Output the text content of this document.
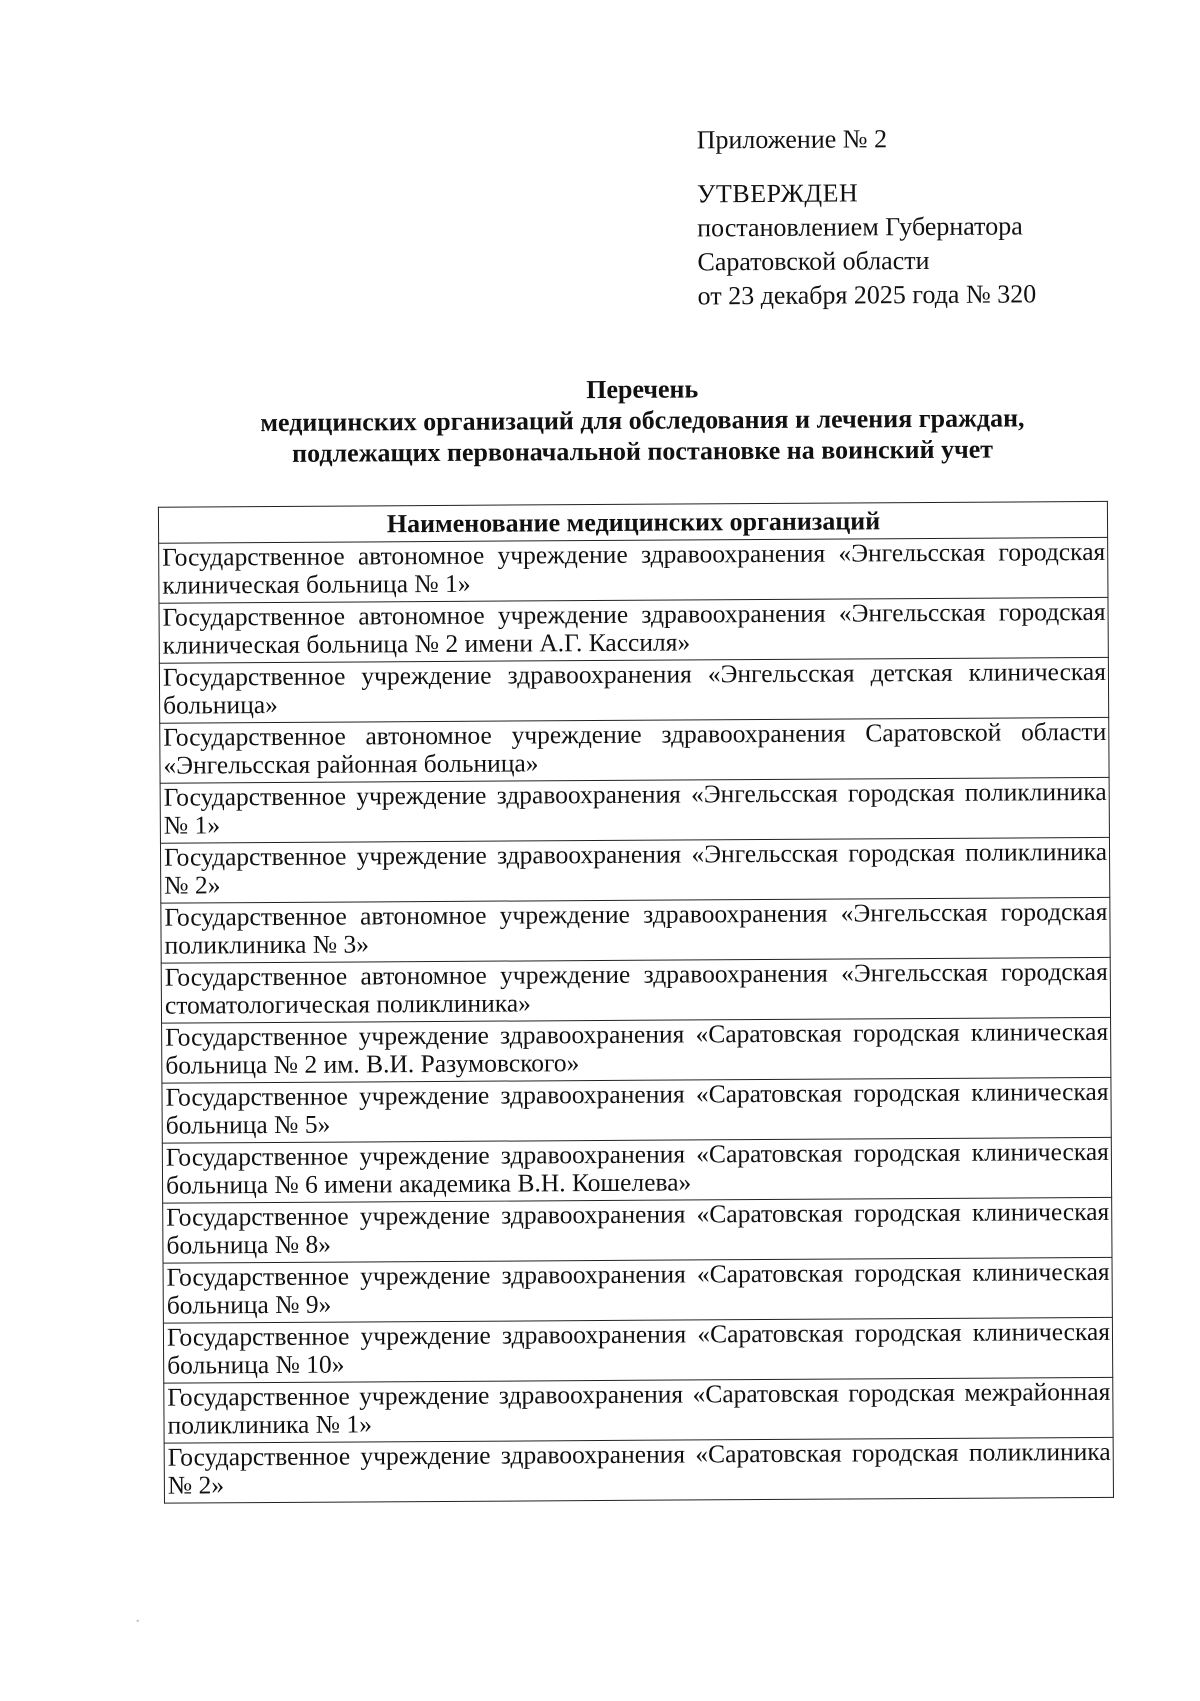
Приложение № 2

УТВЕРЖДЕН

постановлением Губернатора

Саратовской области

от 23 декабря 2025 года № 320

Перечень
медицинских организаций для обследования и лечения граждан,
подлежащих первоначальной постановке на воинский учет
Наименование медицинских организаций
Государственное автономное учреждение здравоохранения «Энгельсская городская клиническая больница № 1»
Государственное автономное учреждение здравоохранения «Энгельсская городская клиническая больница № 2 имени А.Г. Кассиля»
Государственное учреждение здравоохранения «Энгельсская детская клиническая больница»
Государственное автономное учреждение здравоохранения Саратовской области «Энгельсская районная больница»
Государственное учреждение здравоохранения «Энгельсская городская поликлиника № 1»
Государственное учреждение здравоохранения «Энгельсская городская поликлиника № 2»
Государственное автономное учреждение здравоохранения «Энгельсская городская поликлиника № 3»
Государственное автономное учреждение здравоохранения «Энгельсская городская стоматологическая поликлиника»
Государственное учреждение здравоохранения «Саратовская городская клиническая больница № 2 им. В.И. Разумовского»
Государственное учреждение здравоохранения «Саратовская городская клиническая больница № 5»
Государственное учреждение здравоохранения «Саратовская городская клиническая больница № 6 имени академика В.Н. Кошелева»
Государственное учреждение здравоохранения «Саратовская городская клиническая больница № 8»
Государственное учреждение здравоохранения «Саратовская городская клиническая больница № 9»
Государственное учреждение здравоохранения «Саратовская городская клиническая больница № 10»
Государственное учреждение здравоохранения «Саратовская городская межрайонная поликлиника № 1»
Государственное учреждение здравоохранения «Саратовская городская поликлиника № 2»
